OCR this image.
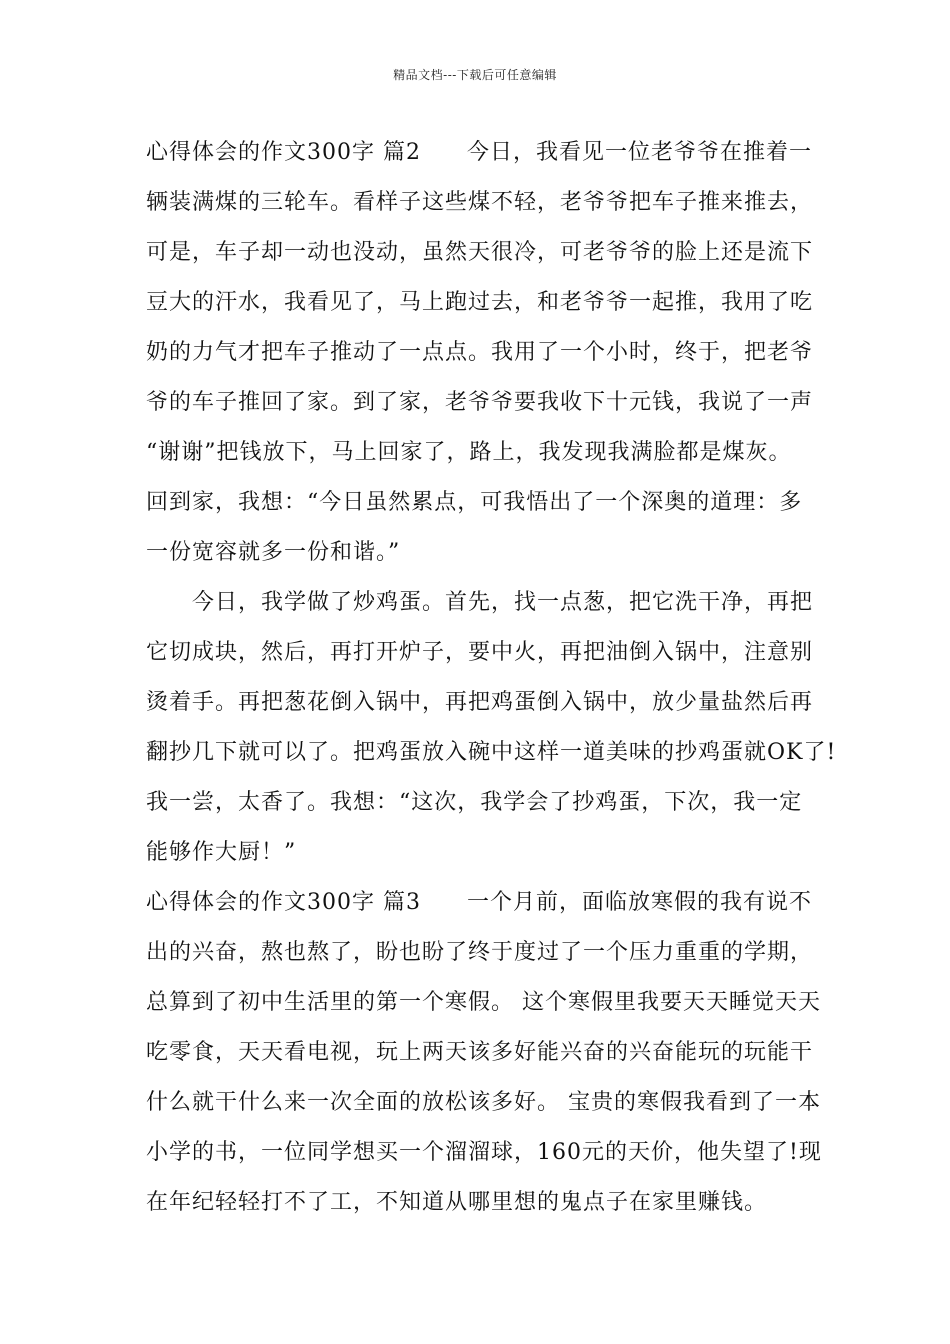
精品文档---下载后可任意编辑
心得体会的作文300字 篇2　　今日，我看见一位老爷爷在推着一
辆装满煤的三轮车。看样子这些煤不轻，老爷爷把车子推来推去，
可是，车子却一动也没动，虽然天很冷，可老爷爷的脸上还是流下
豆大的汗水，我看见了，马上跑过去，和老爷爷一起推，我用了吃
奶的力气才把车子推动了一点点。我用了一个小时，终于，把老爷
爷的车子推回了家。到了家，老爷爷要我收下十元钱，我说了一声
“谢谢”把钱放下，马上回家了，路上，我发现我满脸都是煤灰。
回到家，我想：“今日虽然累点，可我悟出了一个深奥的道理：多
一份宽容就多一份和谐。”
　　今日，我学做了炒鸡蛋。首先，找一点葱，把它洗干净，再把
它切成块，然后，再打开炉子，要中火，再把油倒入锅中，注意别
烫着手。再把葱花倒入锅中，再把鸡蛋倒入锅中，放少量盐然后再
翻抄几下就可以了。把鸡蛋放入碗中这样一道美味的抄鸡蛋就OK了!
我一尝，太香了。我想：“这次，我学会了抄鸡蛋，下次，我一定
能够作大厨！”
心得体会的作文300字 篇3　　一个月前，面临放寒假的我有说不
出的兴奋，熬也熬了，盼也盼了终于度过了一个压力重重的学期，
总算到了初中生活里的第一个寒假。 这个寒假里我要天天睡觉天天
吃零食，天天看电视，玩上两天该多好能兴奋的兴奋能玩的玩能干
什么就干什么来一次全面的放松该多好。 宝贵的寒假我看到了一本
小学的书，一位同学想买一个溜溜球，160元的天价，他失望了!现
在年纪轻轻打不了工，不知道从哪里想的鬼点子在家里赚钱。
